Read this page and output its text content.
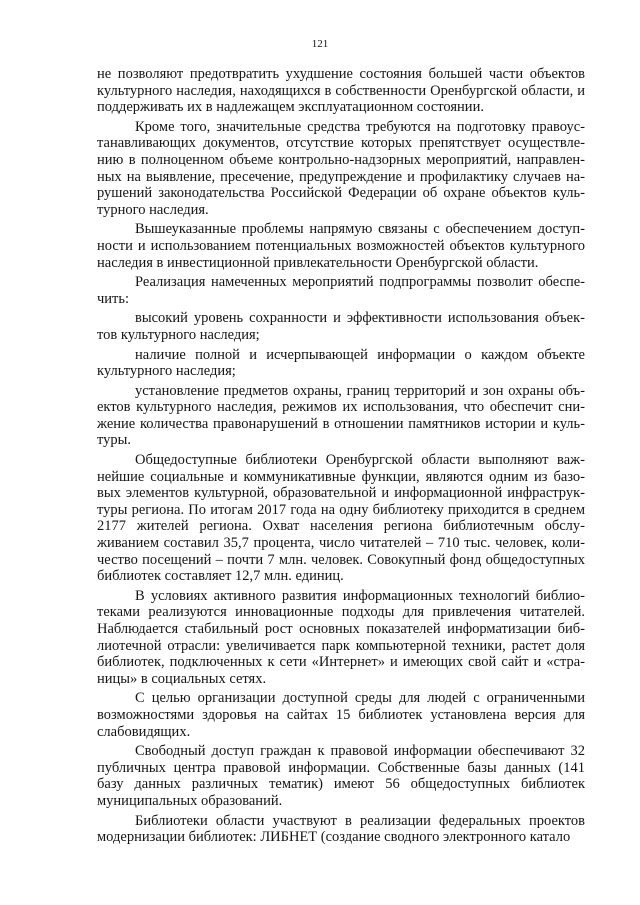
121

не позволяют предотвратить ухудшение состояния большей части объектов культурного наследия, находящихся в собственности Оренбургской области, и поддерживать их в надлежащем эксплуатационном состоянии.

Кроме того, значительные средства требуются на подготовку правоустанавливающих документов, отсутствие которых препятствует осуществлению в полноценном объеме контрольно-надзорных мероприятий, направленных на выявление, пресечение, предупреждение и профилактику случаев нарушений законодательства Российской Федерации об охране объектов культурного наследия.

Вышеуказанные проблемы напрямую связаны с обеспечением доступности и использованием потенциальных возможностей объектов культурного наследия в инвестиционной привлекательности Оренбургской области.

Реализация намеченных мероприятий подпрограммы позволит обеспечить:

высокий уровень сохранности и эффективности использования объектов культурного наследия;

наличие полной и исчерпывающей информации о каждом объекте культурного наследия;

установление предметов охраны, границ территорий и зон охраны объектов культурного наследия, режимов их использования, что обеспечит снижение количества правонарушений в отношении памятников истории и культуры.

Общедоступные библиотеки Оренбургской области выполняют важнейшие социальные и коммуникативные функции, являются одним из базовых элементов культурной, образовательной и информационной инфраструктуры региона. По итогам 2017 года на одну библиотеку приходится в среднем 2177 жителей региона. Охват населения региона библиотечным обслуживанием составил 35,7 процента, число читателей – 710 тыс. человек, количество посещений – почти 7 млн. человек. Совокупный фонд общедоступных библиотек составляет 12,7 млн. единиц.

В условиях активного развития информационных технологий библиотеками реализуются инновационные подходы для привлечения читателей. Наблюдается стабильный рост основных показателей информатизации библиотечной отрасли: увеличивается парк компьютерной техники, растет доля библиотек, подключенных к сети «Интернет» и имеющих свой сайт и «страницы» в социальных сетях.

С целью организации доступной среды для людей с ограниченными возможностями здоровья на сайтах 15 библиотек установлена версия для слабовидящих.

Свободный доступ граждан к правовой информации обеспечивают 32 публичных центра правовой информации. Собственные базы данных (141 базу данных различных тематик) имеют 56 общедоступных библиотек муниципальных образований.

Библиотеки области участвуют в реализации федеральных проектов модернизации библиотек: ЛИБНЕТ (создание сводного электронного катало
